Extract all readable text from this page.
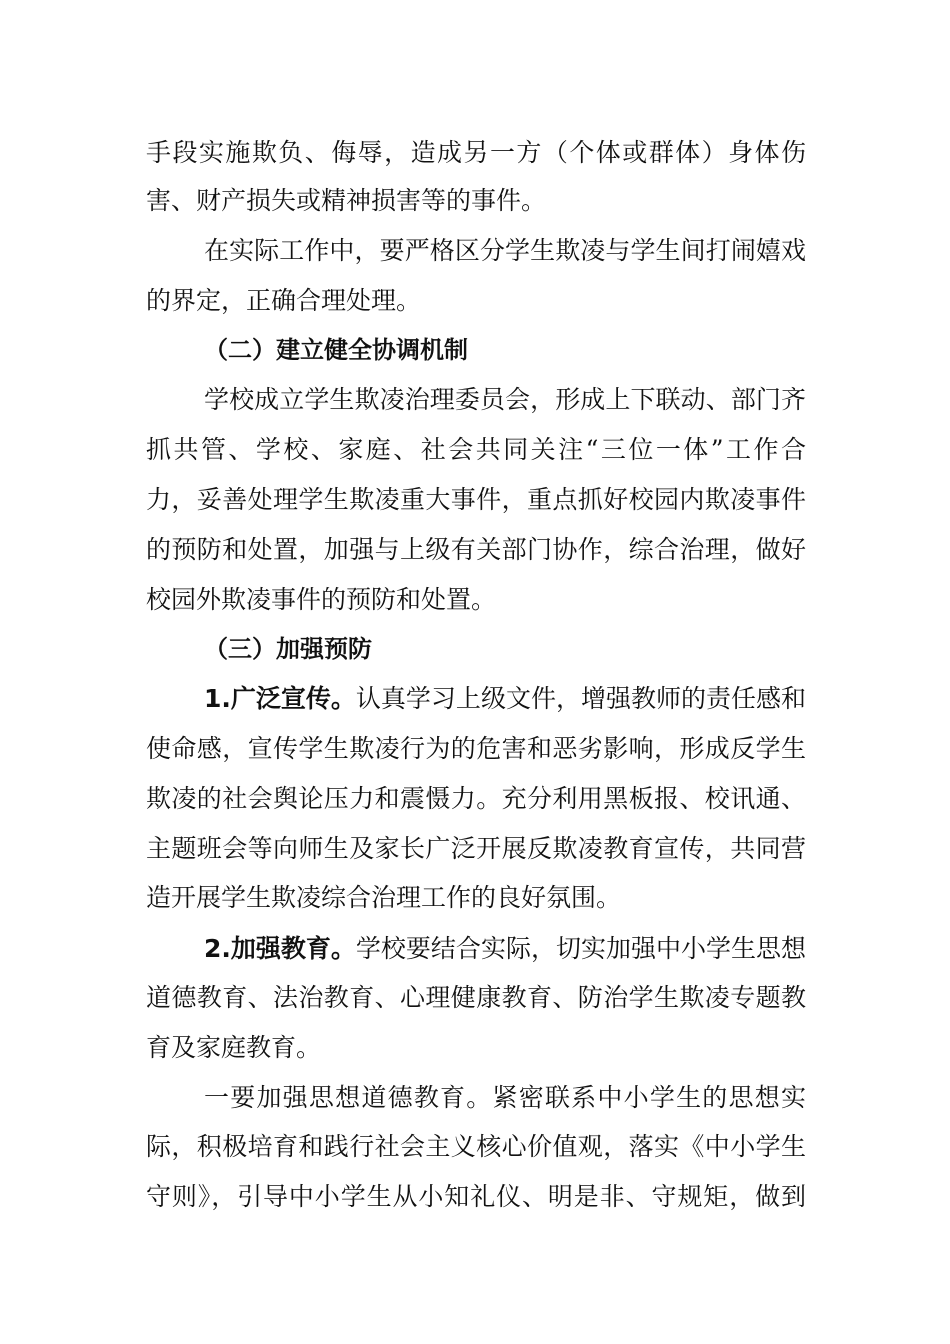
手段实施欺负、侮辱，造成另一方（个体或群体）身体伤
害、财产损失或精神损害等的事件。
在实际工作中，要严格区分学生欺凌与学生间打闹嬉戏
的界定，正确合理处理。
（二）建立健全协调机制
学校成立学生欺凌治理委员会，形成上下联动、部门齐
抓共管、学校、家庭、社会共同关注“三位一体”工作合
力，妥善处理学生欺凌重大事件，重点抓好校园内欺凌事件
的预防和处置，加强与上级有关部门协作，综合治理，做好
校园外欺凌事件的预防和处置。
（三）加强预防
1.广泛宣传。认真学习上级文件，增强教师的责任感和
使命感，宣传学生欺凌行为的危害和恶劣影响，形成反学生
欺凌的社会舆论压力和震慑力。充分利用黑板报、校讯通、
主题班会等向师生及家长广泛开展反欺凌教育宣传，共同营
造开展学生欺凌综合治理工作的良好氛围。
2.加强教育。学校要结合实际，切实加强中小学生思想
道德教育、法治教育、心理健康教育、防治学生欺凌专题教
育及家庭教育。
一要加强思想道德教育。紧密联系中小学生的思想实
际，积极培育和践行社会主义核心价值观，落实《中小学生
守则》，引导中小学生从小知礼仪、明是非、守规矩，做到
